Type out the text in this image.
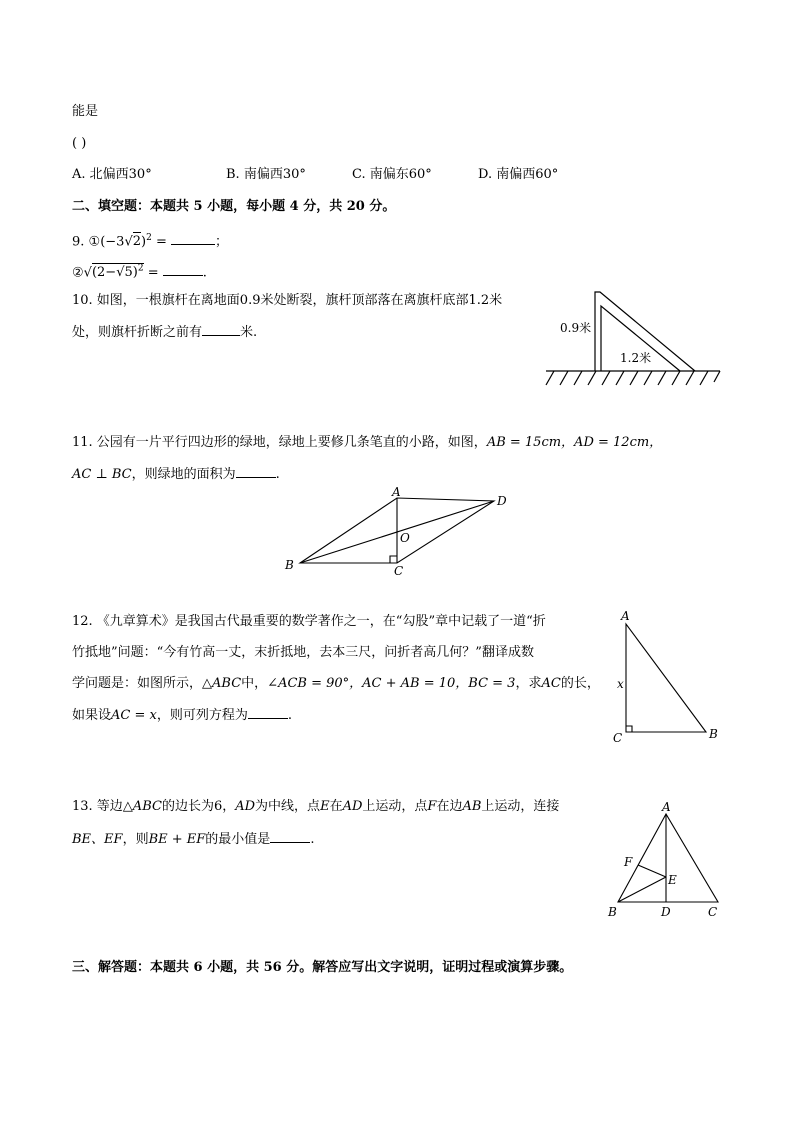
能是
( )
A. 北偏西30°	B. 南偏西30°	C. 南偏东60°	D. 南偏西60°
二、填空题：本题共 5 小题，每小题 4 分，共 20 分。
9. $①(-3√2)^2$ =	；
$②√(2-√5)^2$ =	.
10. 如图，一根旗杆在离地面0.9米处断裂，旗杆顶部落在离旗杆底部1.2米
处，则旗杆折断之前有	米.	0.9米
1.2米
11. 公园有一片平行四边形的绿地，绿地上要修几条笔直的小路，如图，AB = 15cm，AD = 12cm，
AC ⊥ BC，则绿地的面积为	.
A
B	C
D
O
12. 《九章算术》是我国古代最重要的数学著作之一，在“勾股”章中记载了一道“折
竹抵地”问题：“今有竹高一丈，末折抵地，去本三尺，问折者高几何？”翻译成数
学问题是：如图所示，△ABC中，∠ACB = 90°，AC + AB = 10，BC = 3，求AC的长，
如果设AC = x，则可列方程为	.
A
C	B
x
13. 等边△ABC的边长为6，AD为中线，点E在AD上运动，点F在边AB上运动，连接
BE、EF，则BE + EF的最小值是	.
A
B	D	C
E
F
三、解答题：本题共 6 小题，共 56 分。解答应写出文字说明，证明过程或演算步骤。
